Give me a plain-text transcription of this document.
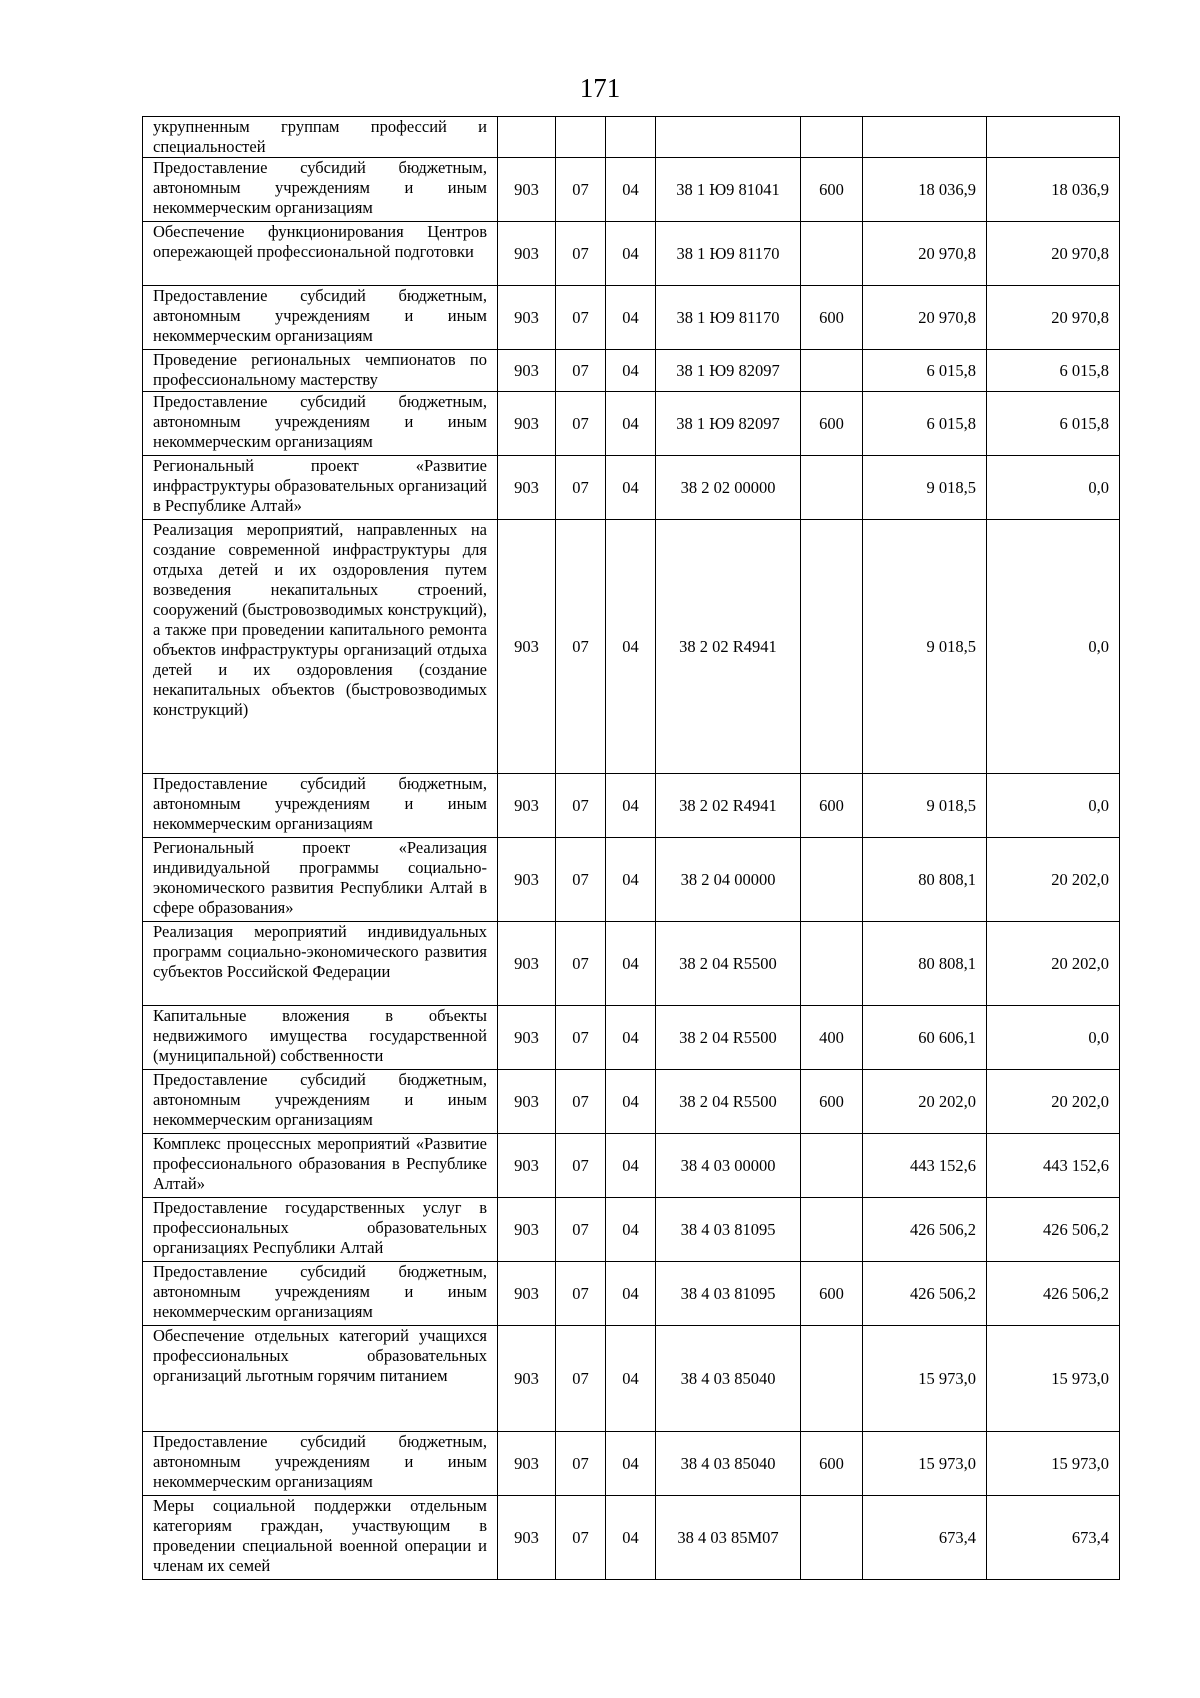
171
укрупненным группам профессий и специальностей							
Предоставление субсидий бюджетным, автономным учреждениям и иным некоммерческим организациям	903	07	04	38 1 Ю9 81041	600	18 036,9	18 036,9
Обеспечение функционирования Центров опережающей профессиональной подготовки	903	07	04	38 1 Ю9 81170		20 970,8	20 970,8
Предоставление субсидий бюджетным, автономным учреждениям и иным некоммерческим организациям	903	07	04	38 1 Ю9 81170	600	20 970,8	20 970,8
Проведение региональных чемпионатов по профессиональному мастерству	903	07	04	38 1 Ю9 82097		6 015,8	6 015,8
Предоставление субсидий бюджетным, автономным учреждениям и иным некоммерческим организациям	903	07	04	38 1 Ю9 82097	600	6 015,8	6 015,8
Региональный проект «Развитие инфраструктуры образовательных организаций в Республике Алтай»	903	07	04	38 2 02 00000		9 018,5	0,0
Реализация мероприятий, направленных на создание современной инфраструктуры для отдыха детей и их оздоровления путем возведения некапитальных строений, сооружений (быстровозводимых конструкций), а также при проведении капитального ремонта объектов инфраструктуры организаций отдыха детей и их оздоровления (создание некапитальных объектов (быстровозводимых конструкций)	903	07	04	38 2 02 R4941		9 018,5	0,0
Предоставление субсидий бюджетным, автономным учреждениям и иным некоммерческим организациям	903	07	04	38 2 02 R4941	600	9 018,5	0,0
Региональный проект «Реализация индивидуальной программы социально-экономического развития Республики Алтай в сфере образования»	903	07	04	38 2 04 00000		80 808,1	20 202,0
Реализация мероприятий индивидуальных программ социально-экономического развития субъектов Российской Федерации	903	07	04	38 2 04 R5500		80 808,1	20 202,0
Капитальные вложения в объекты недвижимого имущества государственной (муниципальной) собственности	903	07	04	38 2 04 R5500	400	60 606,1	0,0
Предоставление субсидий бюджетным, автономным учреждениям и иным некоммерческим организациям	903	07	04	38 2 04 R5500	600	20 202,0	20 202,0
Комплекс процессных мероприятий «Развитие профессионального образования в Республике Алтай»	903	07	04	38 4 03 00000		443 152,6	443 152,6
Предоставление государственных услуг в профессиональных образовательных организациях Республики Алтай	903	07	04	38 4 03 81095		426 506,2	426 506,2
Предоставление субсидий бюджетным, автономным учреждениям и иным некоммерческим организациям	903	07	04	38 4 03 81095	600	426 506,2	426 506,2
Обеспечение отдельных категорий учащихся профессиональных образовательных организаций льготным горячим питанием	903	07	04	38 4 03 85040		15 973,0	15 973,0
Предоставление субсидий бюджетным, автономным учреждениям и иным некоммерческим организациям	903	07	04	38 4 03 85040	600	15 973,0	15 973,0
Меры социальной поддержки отдельным категориям граждан, участвующим в проведении специальной военной операции и членам их семей	903	07	04	38 4 03 85М07		673,4	673,4
